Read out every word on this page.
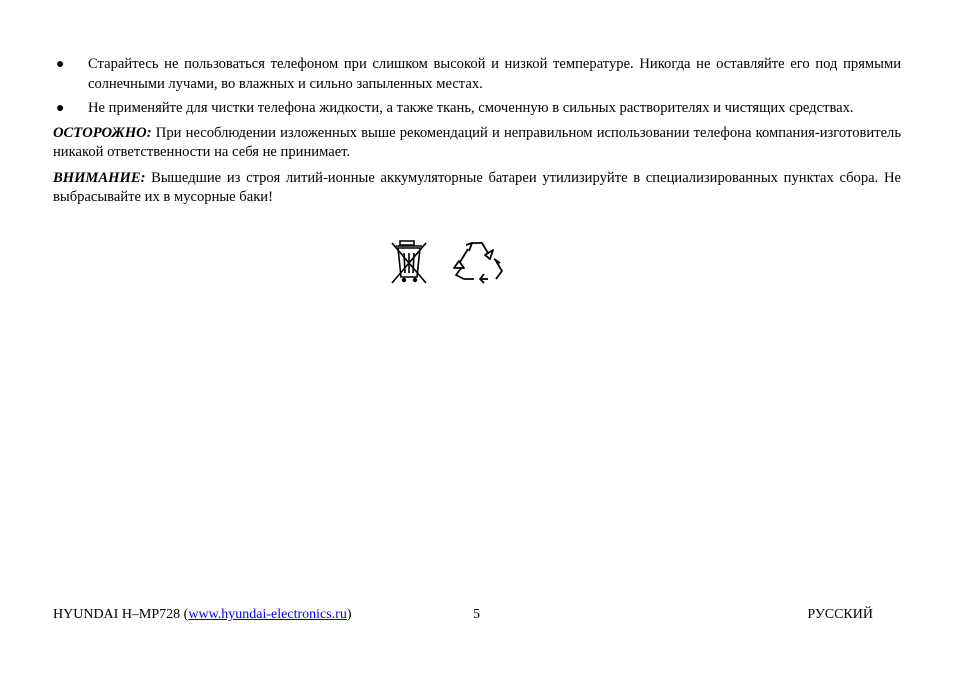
● Старайтесь не пользоваться телефоном при слишком высокой и низкой температуре. Никогда не оставляйте его под прямыми солнечными лучами, во влажных и сильно запыленных местах.
● Не применяйте для чистки телефона жидкости, а также ткань, смоченную в сильных растворителях и чистящих средствах.

ОСТОРОЖНО: При несоблюдении изложенных выше рекомендаций и неправильном использовании телефона компания-изготовитель никакой ответственности на себя не принимает.

ВНИМАНИЕ: Вышедшие из строя литий-ионные аккумуляторные батареи утилизируйте в специализированных пунктах сбора. Не выбрасывайте их в мусорные баки!

HYUNDAI H–MP728 (www.hyundai-electronics.ru)	5	РУССКИЙ
